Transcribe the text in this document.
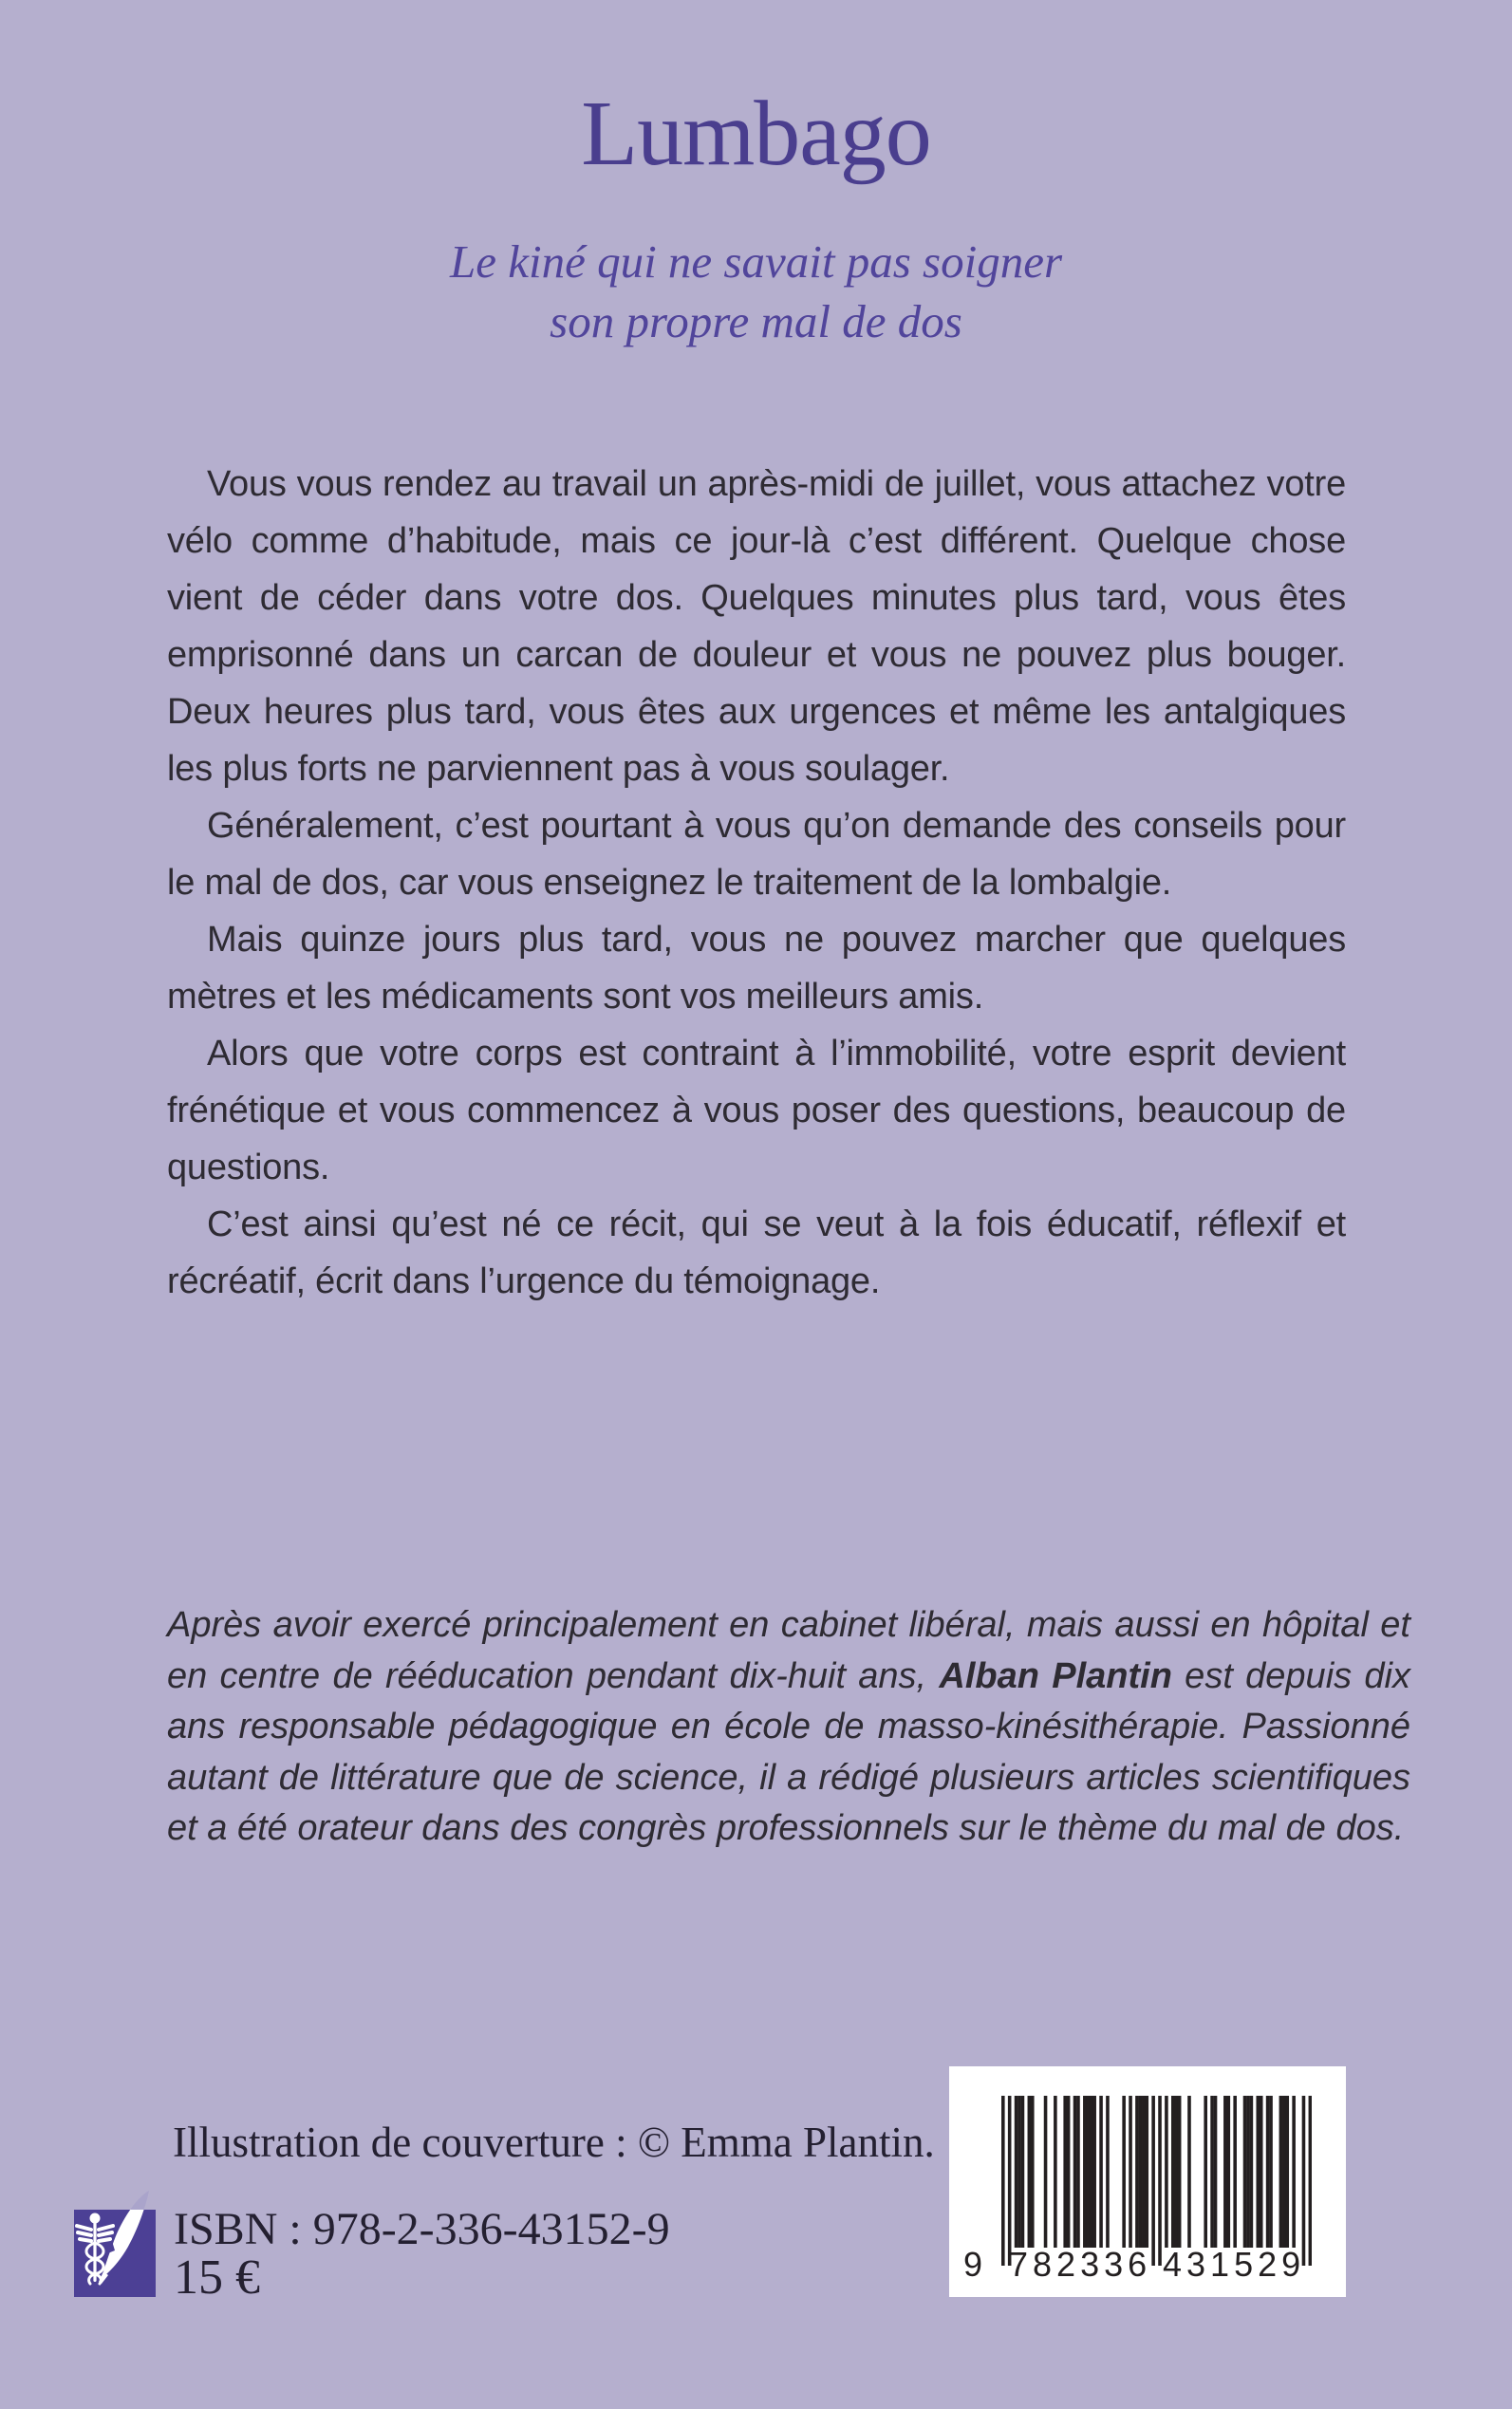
Lumbago
Le kiné qui ne savait pas soigner
son propre mal de dos

Vous vous rendez au travail un après-midi de juillet, vous attachez votre vélo comme d’habitude, mais ce jour-là c’est différent. Quelque chose vient de céder dans votre dos. Quelques minutes plus tard, vous êtes emprisonné dans un carcan de douleur et vous ne pouvez plus bouger. Deux heures plus tard, vous êtes aux urgences et même les antalgiques les plus forts ne parviennent pas à vous soulager.

Généralement, c’est pourtant à vous qu’on demande des conseils pour le mal de dos, car vous enseignez le traitement de la lombalgie.

Mais quinze jours plus tard, vous ne pouvez marcher que quelques mètres et les médicaments sont vos meilleurs amis.

Alors que votre corps est contraint à l’immobilité, votre esprit devient frénétique et vous commencez à vous poser des questions, beaucoup de questions.

C’est ainsi qu’est né ce récit, qui se veut à la fois éducatif, réflexif et récréatif, écrit dans l’urgence du témoignage.

Après avoir exercé principalement en cabinet libéral, mais aussi en hôpital et en centre de rééducation pendant dix-huit ans, Alban Plantin est depuis dix ans responsable pédagogique en école de masso-kinésithérapie. Passionné autant de littérature que de science, il a rédigé plusieurs articles scientifiques et a été orateur dans des congrès professionnels sur le thème du mal de dos.

Illustration de couverture : © Emma Plantin.
ISBN : 978-2-336-43152-9
15 €	9 782336 431529
